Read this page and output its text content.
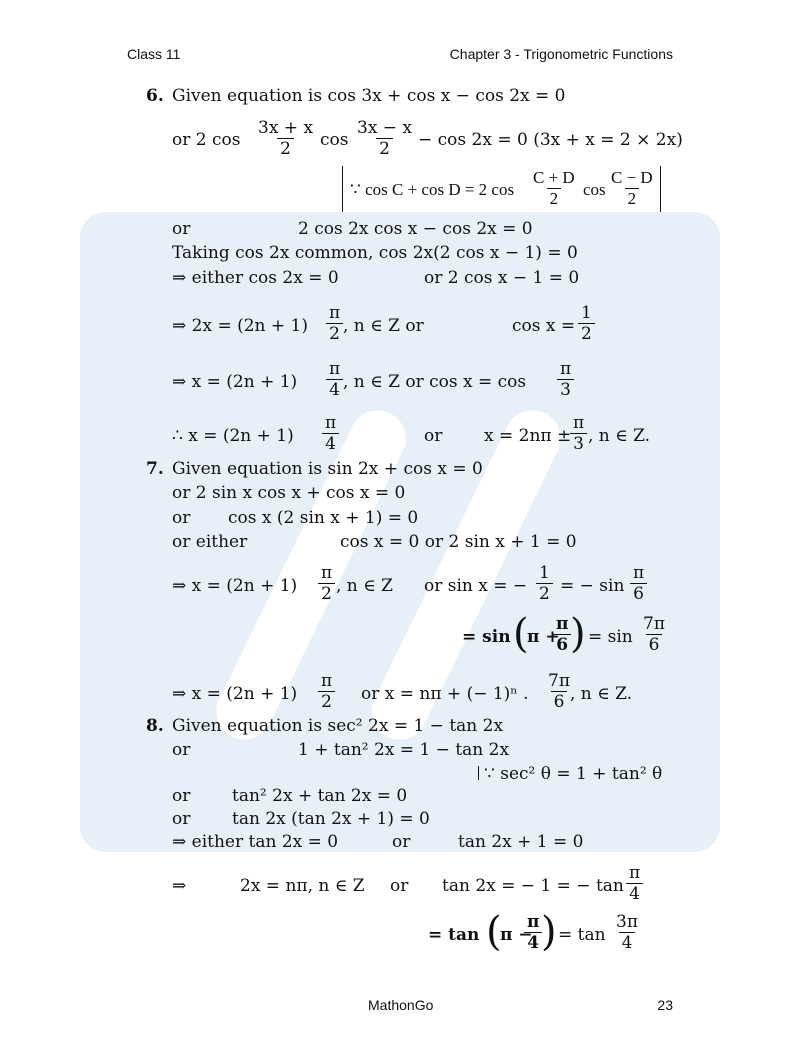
Class 11	Chapter 3 - Trigonometric Functions
6. Given equation is cos 3x + cos x − cos 2x = 0
or 2 cos
3x + x
2 cos
3x − x
2 − cos 2x = 0 (3x + x = 2 × 2x)
∵ cos C + cos D = 2 cos
C + D
2 cos
C − D
2
or	2 cos 2x cos x − cos 2x = 0
Taking cos 2x common, cos 2x(2 cos x − 1) = 0
⇒ either cos 2x = 0	or 2 cos x − 1 = 0
⇒ 2x = (2n + 1)
π
2 , n ∈ Z or	cos x =
1
2
⇒ x = (2n + 1)
π
4 , n ∈ Z or cos x = cos
π
3
∴ x = (2n + 1)
π
4	or x = 2nπ ±
π
3 , n ∈ Z.
7. Given equation is sin 2x + cos x = 0
or 2 sin x cos x + cos x = 0
or cos x (2 sin x + 1) = 0
or either	cos x = 0 or 2 sin x + 1 = 0
⇒ x = (2n + 1)
π
2 , n ∈ Z or sin x = −
1
2 = − sin
π
6
= sin (
π +
π
6 ) = sin
7π
6
⇒ x = (2n + 1)
π
2 or x = nπ + (− 1)ⁿ .
7π
6 , n ∈ Z.
8. Given equation is sec² 2x = 1 − tan 2x
or	1 + tan² 2x = 1 − tan 2x
∵ sec² θ = 1 + tan² θ
or tan² 2x + tan 2x = 0
or tan 2x (tan 2x + 1) = 0
⇒ either tan 2x = 0	or	tan 2x + 1 = 0
⇒	2x = nπ, n ∈ Z or tan 2x = − 1 = − tan
π
4
= tan (
π −
π
4 ) = tan
3π
4
MathonGo	23
